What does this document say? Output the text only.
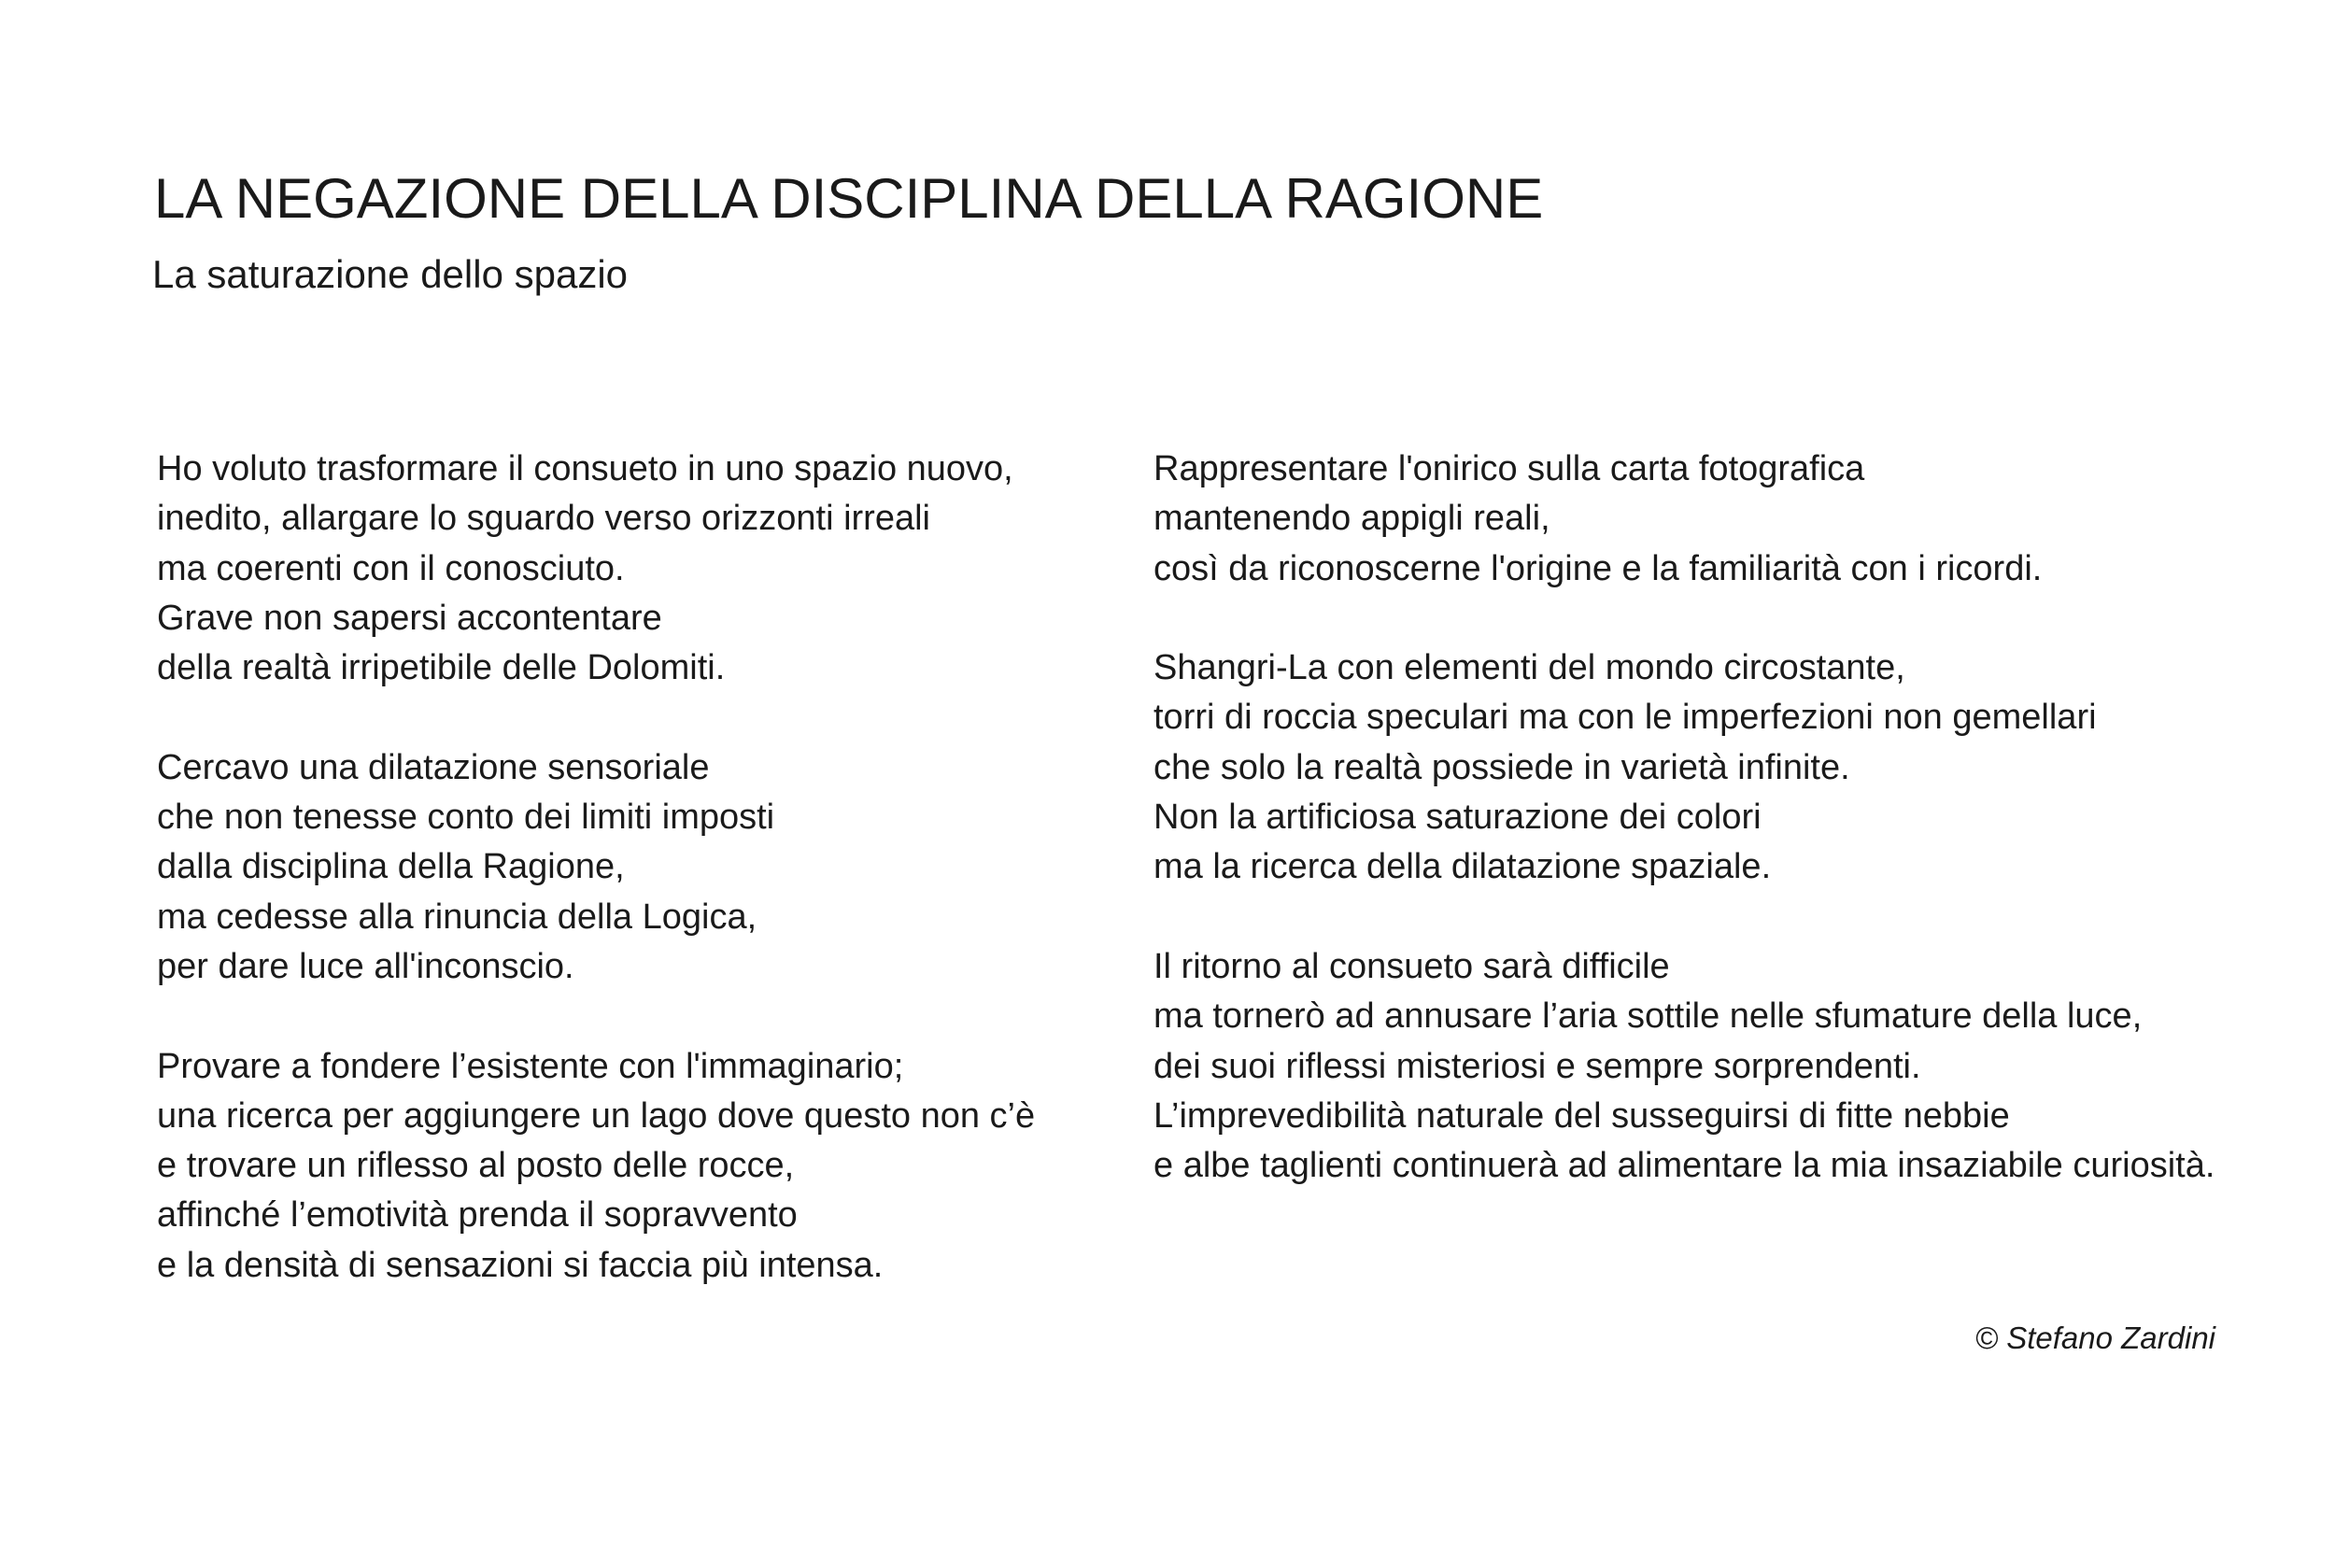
LA NEGAZIONE DELLA DISCIPLINA DELLA RAGIONE
La saturazione dello spazio

Ho voluto trasformare il consueto in uno spazio nuovo,
inedito, allargare lo sguardo verso orizzonti irreali
ma coerenti con il conosciuto.
Grave non sapersi accontentare
della realtà irripetibile delle Dolomiti.

Cercavo una dilatazione sensoriale
che non tenesse conto dei limiti imposti
dalla disciplina della Ragione,
ma cedesse alla rinuncia della Logica,
per dare luce all'inconscio.

Provare a fondere l’esistente con l'immaginario;
una ricerca per aggiungere un lago dove questo non c’è
e trovare un riflesso al posto delle rocce,
affinché l’emotività prenda il sopravvento
e la densità di sensazioni si faccia più intensa.

Rappresentare l'onirico sulla carta fotografica
mantenendo appigli reali,
così da riconoscerne l'origine e la familiarità con i ricordi.

Shangri-La con elementi del mondo circostante,
torri di roccia speculari ma con le imperfezioni non gemellari
che solo la realtà possiede in varietà infinite.
Non la artificiosa saturazione dei colori
ma la ricerca della dilatazione spaziale.

Il ritorno al consueto sarà difficile
ma tornerò ad annusare l’aria sottile nelle sfumature della luce,
dei suoi riflessi misteriosi e sempre sorprendenti.
L’imprevedibilità naturale del susseguirsi di fitte nebbie
e albe taglienti continuerà ad alimentare la mia insaziabile curiosità.

© Stefano Zardini
